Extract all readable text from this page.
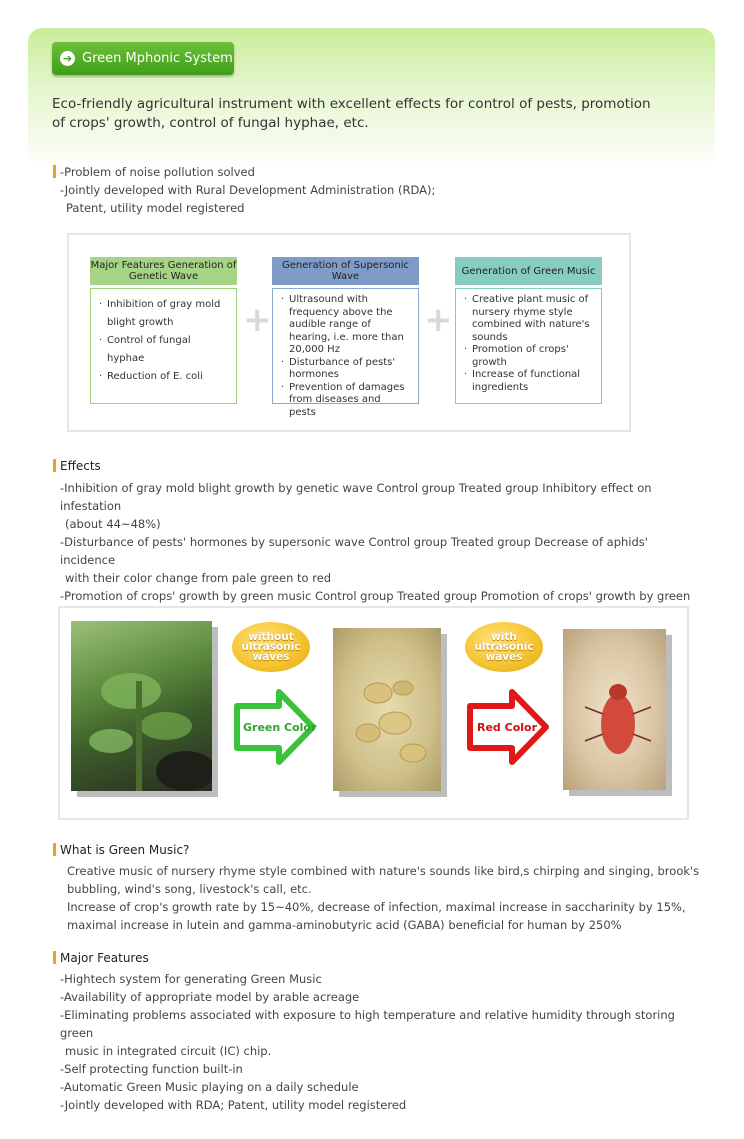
➔ Green Mphonic System
Eco-friendly agricultural instrument with excellent effects for control of pests, promotion
of crops' growth, control of fungal hyphae, etc.
-Problem of noise pollution solved
-Jointly developed with Rural Development Administration (RDA);
Patent, utility model registered
Major Features Generation of Genetic Wave
· Inhibition of gray mold blight growth
· Control of fungal hyphae
· Reduction of E. coli
+
Generation of Supersonic Wave
· Ultrasound with frequency above the audible range of hearing, i.e. more than 20,000 Hz
· Disturbance of pests' hormones
· Prevention of damages from diseases and pests
+
Generation of Green Music
· Creative plant music of nursery rhyme style combined with nature's sounds
· Promotion of crops' growth
· Increase of functional ingredients
Effects
-Inhibition of gray mold blight growth by genetic wave Control group Treated group Inhibitory effect on infestation
(about 44~48%)
-Disturbance of pests' hormones by supersonic wave Control group Treated group Decrease of aphids' incidence
with their color change from pale green to red
-Promotion of crops' growth by green music Control group Treated group Promotion of crops' growth by green
without ultrasonic waves
Green Color
with ultrasonic waves
Red Color
What is Green Music?
Creative music of nursery rhyme style combined with nature's sounds like bird,s chirping and singing, brook's
bubbling, wind's song, livestock's call, etc.
Increase of crop's growth rate by 15~40%, decrease of infection, maximal increase in saccharinity by 15%,
maximal increase in lutein and gamma-aminobutyric acid (GABA) beneficial for human by 250%
Major Features
-Hightech system for generating Green Music
-Availability of appropriate model by arable acreage
-Eliminating problems associated with exposure to high temperature and relative humidity through storing green
music in integrated circuit (IC) chip.
-Self protecting function built-in
-Automatic Green Music playing on a daily schedule
-Jointly developed with RDA; Patent, utility model registered
